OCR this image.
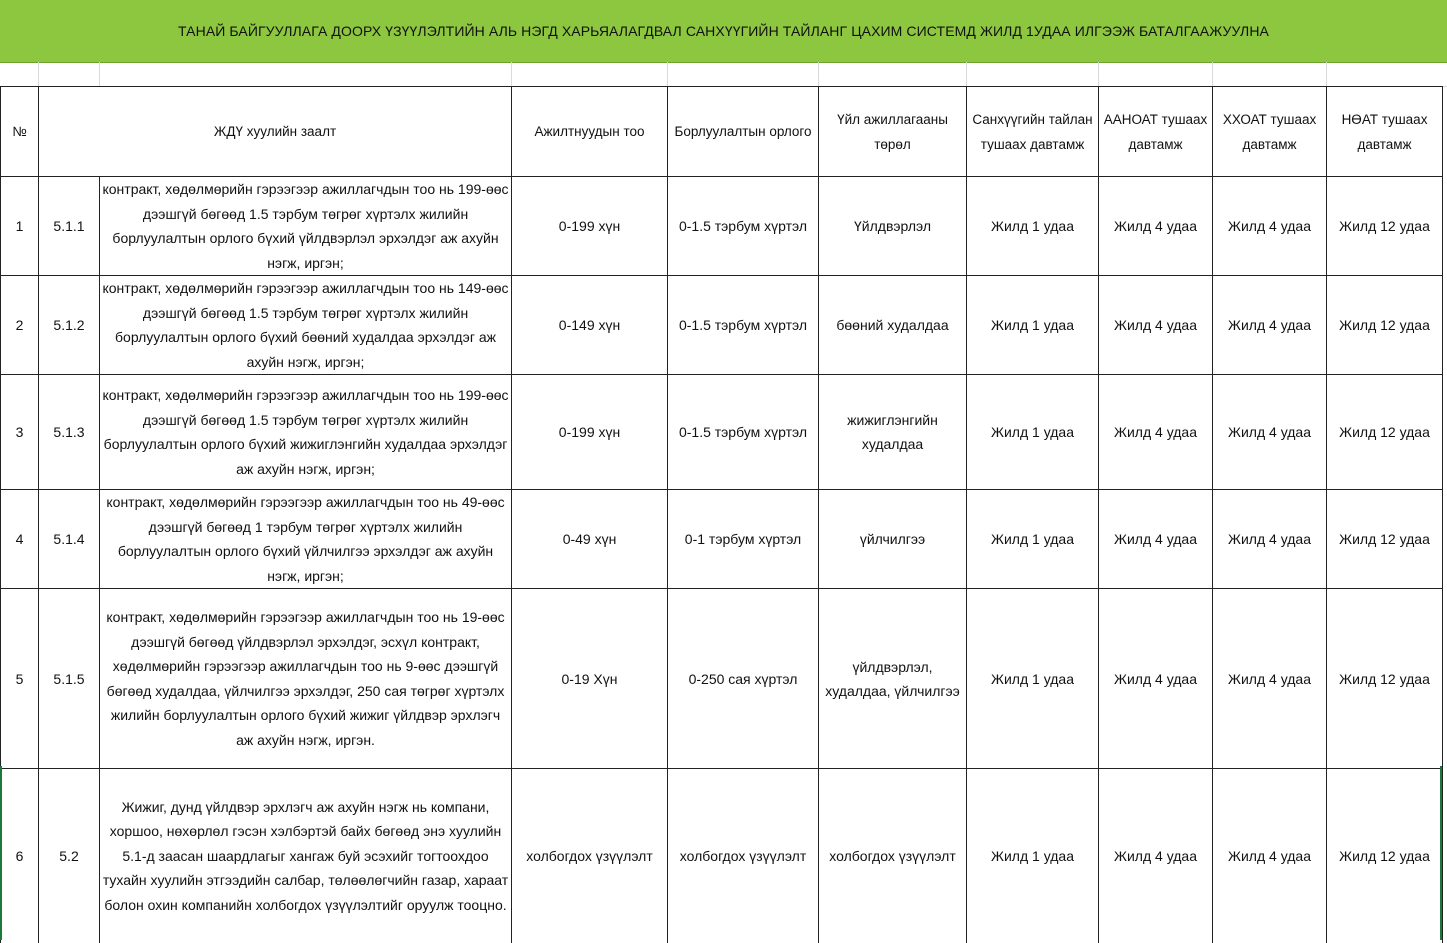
ТАНАЙ БАЙГУУЛЛАГА ДООРХ ҮЗҮҮЛЭЛТИЙН АЛЬ НЭГД ХАРЬЯАЛАГДВАЛ САНХҮҮГИЙН ТАЙЛАНГ ЦАХИМ СИСТЕМД ЖИЛД 1УДАА ИЛГЭЭЖ БАТАЛГААЖУУЛНА
№	ЖДҮ хуулийн заалт		Ажилтнуудын тоо	Борлуулалтын орлого	Үйл ажиллагааны төрөл	Санхүүгийн тайлан тушаах давтамж	ААНОАТ тушаах давтамж	ХХОАТ тушаах давтамж	НӨАТ тушаах давтамж
1	5.1.1	контракт, хөдөлмөрийн гэрээгээр ажиллагчдын тоо нь 199-өөс дээшгүй бөгөөд 1.5 тэрбум төгрөг хүртэлх жилийн борлуулалтын орлого бүхий үйлдвэрлэл эрхэлдэг аж ахуйн нэгж, иргэн;	0-199 хүн	0-1.5 тэрбум хүртэл	Үйлдвэрлэл	Жилд 1 удаа	Жилд 4 удаа	Жилд 4 удаа	Жилд 12 удаа
2	5.1.2	контракт, хөдөлмөрийн гэрээгээр ажиллагчдын тоо нь 149-өөс дээшгүй бөгөөд 1.5 тэрбум төгрөг хүртэлх жилийн борлуулалтын орлого бүхий бөөний худалдаа эрхэлдэг аж ахуйн нэгж, иргэн;	0-149 хүн	0-1.5 тэрбум хүртэл	бөөний худалдаа	Жилд 1 удаа	Жилд 4 удаа	Жилд 4 удаа	Жилд 12 удаа
3	5.1.3	контракт, хөдөлмөрийн гэрээгээр ажиллагчдын тоо нь 199-өөс дээшгүй бөгөөд 1.5 тэрбум төгрөг хүртэлх жилийн борлуулалтын орлого бүхий жижиглэнгийн худалдаа эрхэлдэг аж ахуйн нэгж, иргэн;	0-199 хүн	0-1.5 тэрбум хүртэл	жижиглэнгийн худалдаа	Жилд 1 удаа	Жилд 4 удаа	Жилд 4 удаа	Жилд 12 удаа
4	5.1.4	контракт, хөдөлмөрийн гэрээгээр ажиллагчдын тоо нь 49-өөс дээшгүй бөгөөд 1 тэрбум төгрөг хүртэлх жилийн борлуулалтын орлого бүхий үйлчилгээ эрхэлдэг аж ахуйн нэгж, иргэн;	0-49 хүн	0-1 тэрбум хүртэл	үйлчилгээ	Жилд 1 удаа	Жилд 4 удаа	Жилд 4 удаа	Жилд 12 удаа
5	5.1.5	контракт, хөдөлмөрийн гэрээгээр ажиллагчдын тоо нь 19-өөс дээшгүй бөгөөд үйлдвэрлэл эрхэлдэг, эсхүл контракт, хөдөлмөрийн гэрээгээр ажиллагчдын тоо нь 9-өөс дээшгүй бөгөөд худалдаа, үйлчилгээ эрхэлдэг, 250 сая төгрөг хүртэлх жилийн борлуулалтын орлого бүхий жижиг үйлдвэр эрхлэгч аж ахуйн нэгж, иргэн.	0-19 Хүн	0-250 сая хүртэл	үйлдвэрлэл, худалдаа, үйлчилгээ	Жилд 1 удаа	Жилд 4 удаа	Жилд 4 удаа	Жилд 12 удаа
6	5.2	Жижиг, дунд үйлдвэр эрхлэгч аж ахуйн нэгж нь компани, хоршоо, нөхөрлөл гэсэн хэлбэртэй байх бөгөөд энэ хуулийн 5.1-д заасан шаардлагыг хангаж буй эсэхийг тогтоохдоо тухайн хуулийн этгээдийн салбар, төлөөлөгчийн газар, хараат болон охин компанийн холбогдох үзүүлэлтийг оруулж тооцно.	холбогдох үзүүлэлт	холбогдох үзүүлэлт	холбогдох үзүүлэлт	Жилд 1 удаа	Жилд 4 удаа	Жилд 4 удаа	Жилд 12 удаа
